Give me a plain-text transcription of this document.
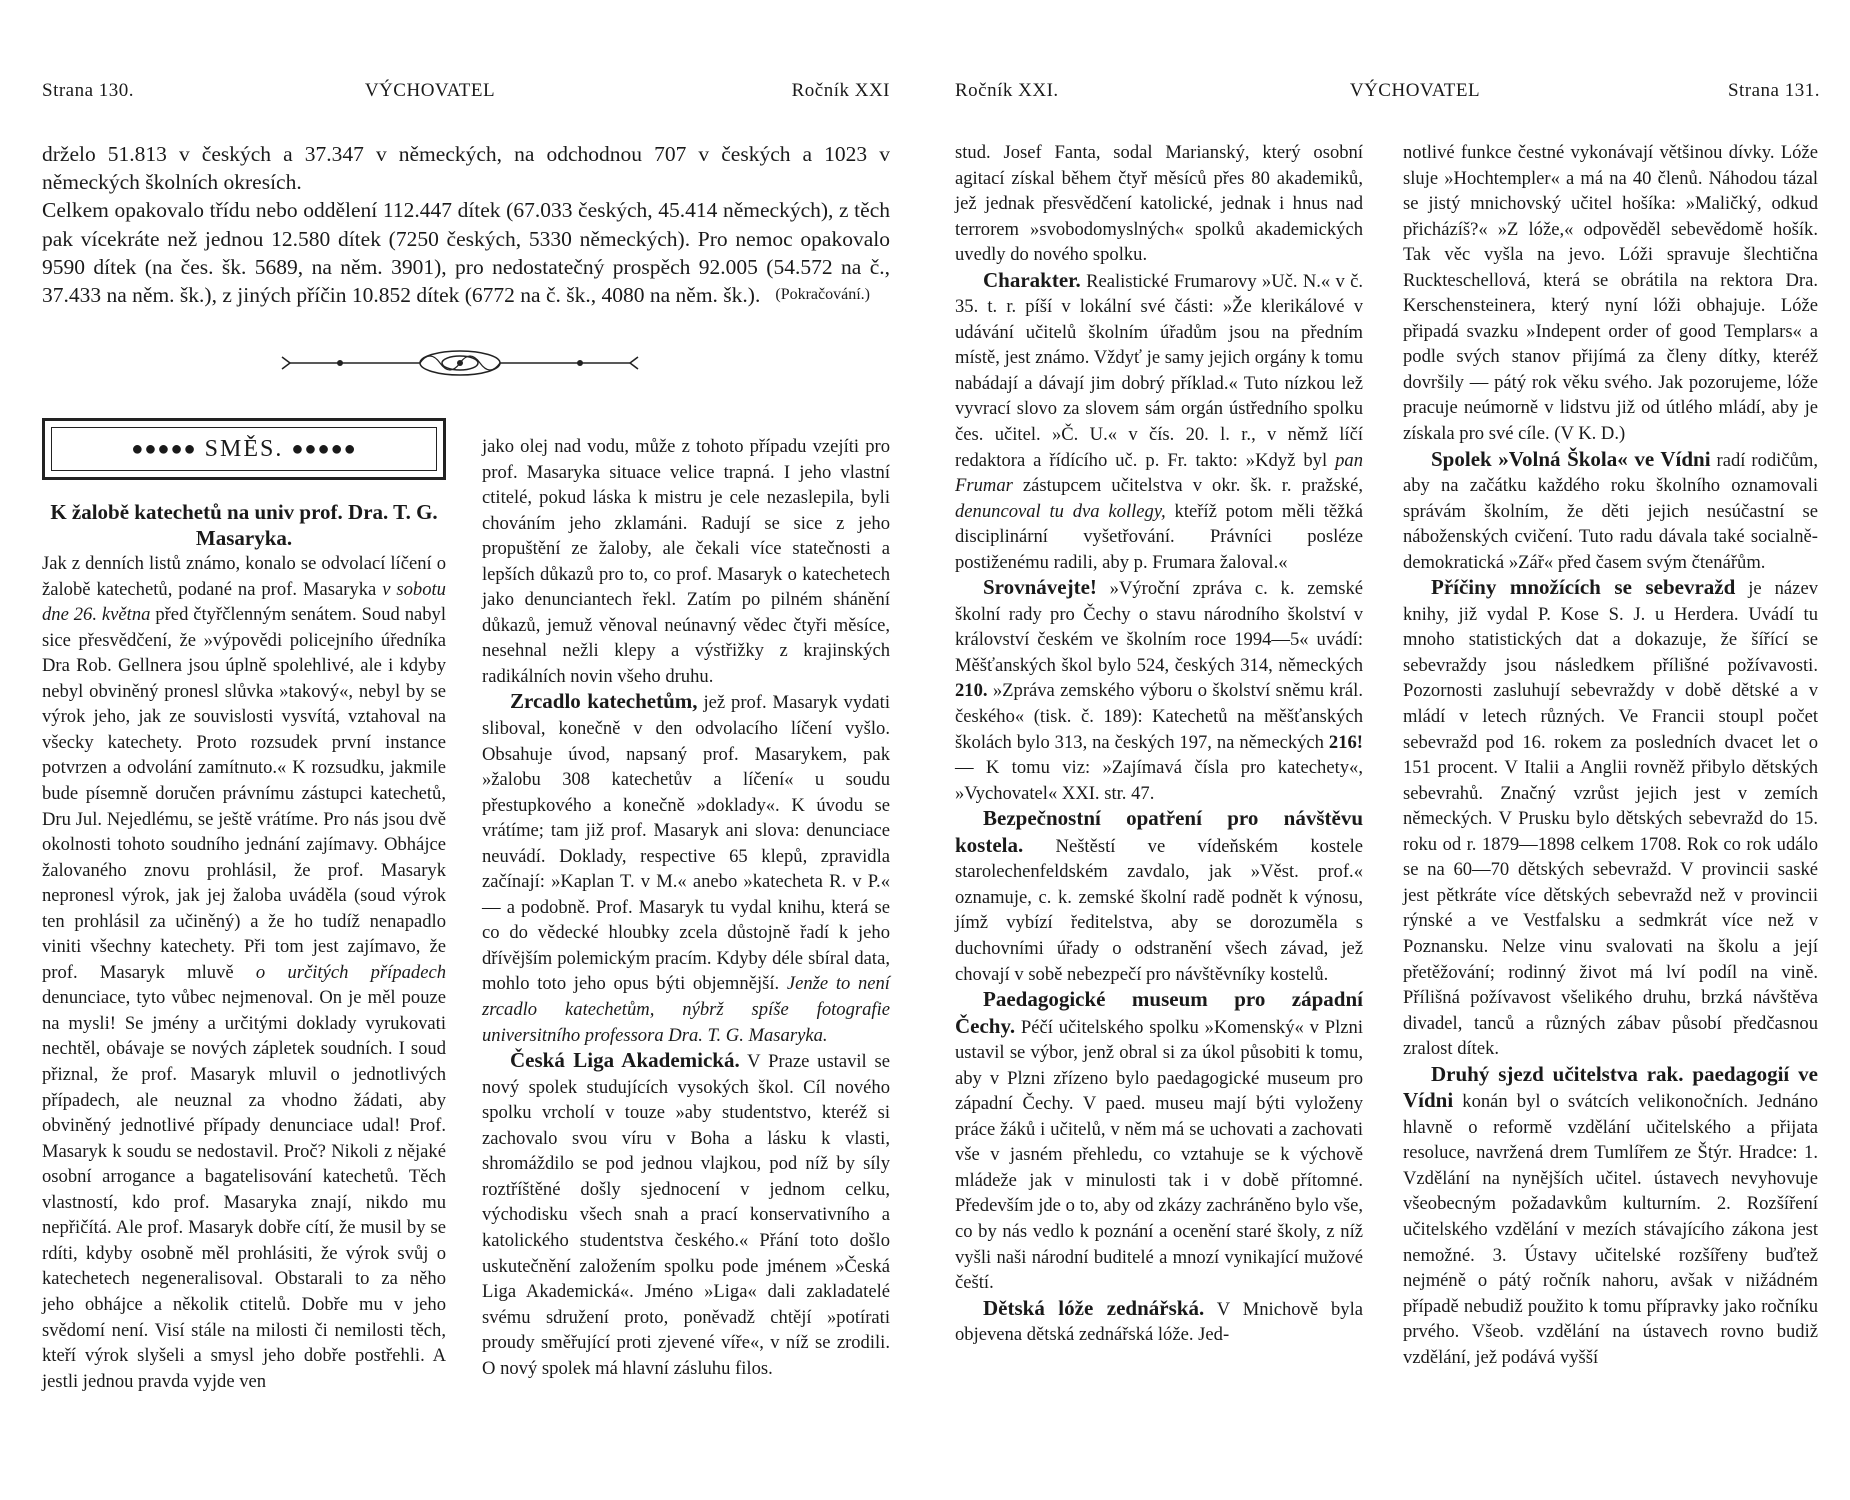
Strana 130.	VÝCHOVATEL	Ročník XXI

drželo 51.813 v českých a 37.347 v německých, na odchodnou 707 v českých a 1023 v německých školních okresích.

Celkem opakovalo třídu nebo oddělení 112.447 dítek (67.033 českých, 45.414 německých), z těch pak vícekráte než jednou 12.580 dítek (7250 českých, 5330 německých). Pro nemoc opakovalo 9590 dítek (na čes. šk. 5689, na něm. 3901), pro nedostatečný prospěch 92.005 (54.572 na č., 37.433 na něm. šk.), z jiných příčin 10.852 dítek (6772 na č. šk., 4080 na něm. šk.). (Pokračování.)

●●●●●
SMĚS.
●●●●●

K žalobě katechetů na univ prof. Dra. T. G. Masaryka.
Jak z denních listů známo, konalo se odvolací líčení o žalobě katechetů, podané na prof. Masaryka v sobotu dne 26. května před čtyřčlenným senátem. Soud nabyl sice přesvědčení, že »výpovědi policejního úředníka Dra Rob. Gellnera jsou úplně spolehlivé, ale i kdyby nebyl obviněný pronesl slůvka »takový«, nebyl by se výrok jeho, jak ze souvislosti vysvítá, vztahoval na všecky katechety. Proto rozsudek první instance potvrzen a odvolání zamítnuto.« K rozsudku, jakmile bude písemně doručen právnímu zástupci katechetů, Dru Jul. Nejedlému, se ještě vrátíme. Pro nás jsou dvě okolnosti tohoto soudního jednání zajímavy. Obhájce žalovaného znovu prohlásil, že prof. Masaryk nepronesl výrok, jak jej žaloba uváděla (soud výrok ten prohlásil za učiněný) a že ho tudíž nenapadlo viniti všechny katechety. Při tom jest zajímavo, že prof. Masaryk mluvě o určitých případech denunciace, tyto vůbec nejmenoval. On je měl pouze na mysli! Se jmény a určitými doklady vyrukovati nechtěl, obávaje se nových zápletek soudních. I soud přiznal, že prof. Masaryk mluvil o jednotlivých případech, ale neuznal za vhodno žádati, aby obviněný jednotlivé případy denunciace udal! Prof. Masaryk k soudu se nedostavil. Proč? Nikoli z nějaké osobní arrogance a bagatelisování katechetů. Těch vlastností, kdo prof. Masaryka znají, nikdo mu nepřičítá. Ale prof. Masaryk dobře cítí, že musil by se rdíti, kdyby osobně měl prohlásiti, že výrok svůj o katechetech negeneralisoval. Obstarali to za něho jeho obhájce a několik ctitelů. Dobře mu v jeho svědomí není. Visí stále na milosti či nemilosti těch, kteří výrok slyšeli a smysl jeho dobře postřehli. A jestli jednou pravda vyjde ven

jako olej nad vodu, může z tohoto případu vzejíti pro prof. Masaryka situace velice trapná. I jeho vlastní ctitelé, pokud láska k mistru je cele nezaslepila, byli chováním jeho zklamáni. Radují se sice z jeho propuštění ze žaloby, ale čekali více statečnosti a lepších důkazů pro to, co prof. Masaryk o katechetech jako denunciantech řekl. Zatím po pilném shánění důkazů, jemuž věnoval neúnavný vědec čtyři měsíce, nesehnal nežli klepy a výstřižky z krajinských radikálních novin všeho druhu.

Zrcadlo katechetům, jež prof. Masaryk vydati sliboval, konečně v den odvolacího líčení vyšlo. Obsahuje úvod, napsaný prof. Masarykem, pak »žalobu 308 katechetův a líčení« u soudu přestupkového a konečně »doklady«. K úvodu se vrátíme; tam již prof. Masaryk ani slova: denunciace neuvádí. Doklady, respective 65 klepů, zpravidla začínají: »Kaplan T. v M.« anebo »katecheta R. v P.« — a podobně. Prof. Masaryk tu vydal knihu, která se co do vědecké hloubky zcela důstojně řadí k jeho dřívějším polemickým pracím. Kdyby déle sbíral data, mohlo toto jeho opus býti objemnější. Jenže to není zrcadlo katechetům, nýbrž spíše fotografie universitního professora Dra. T. G. Masaryka.

Česká Liga Akademická. V Praze ustavil se nový spolek studujících vysokých škol. Cíl nového spolku vrcholí v touze »aby studentstvo, kteréž si zachovalo svou víru v Boha a lásku k vlasti, shromáždilo se pod jednou vlajkou, pod níž by síly roztříštěné došly sjednocení v jednom celku, východisku všech snah a prací konservativního a katolického studentstva českého.« Přání toto došlo uskutečnění založením spolku pode jménem »Česká Liga Akademická«. Jméno »Liga« dali zakladatelé svému sdružení proto, poněvadž chtějí »potírati proudy směřující proti zjevené víře«, v níž se zrodili. O nový spolek má hlavní zásluhu filos.

Ročník XXI.	VÝCHOVATEL	Strana 131.

stud. Josef Fanta, sodal Marianský, který osobní agitací získal během čtyř měsíců přes 80 akademiků, jež jednak přesvědčení katolické, jednak i hnus nad terrorem »svobodomyslných« spolků akademických uvedly do nového spolku.

Charakter. Realistické Frumarovy »Uč. N.« v č. 35. t. r. píší v lokální své části: »Že klerikálové v udávání učitelů školním úřadům jsou na předním místě, jest známo. Vždyť je samy jejich orgány k tomu nabádají a dávají jim dobrý příklad.« Tuto nízkou lež vyvrací slovo za slovem sám orgán ústředního spolku čes. učitel. »Č. U.« v čís. 20. l. r., v němž líčí redaktora a řídícího uč. p. Fr. takto: »Když byl pan Frumar zástupcem učitelstva v okr. šk. r. pražské, denuncoval tu dva kollegy, kteříž potom měli těžká disciplinární vyšetřování. Právníci posléze postiženému radili, aby p. Frumara žaloval.«

Srovnávejte! »Výroční zpráva c. k. zemské školní rady pro Čechy o stavu národního školství v království českém ve školním roce 1994—5« uvádí: Měšťanských škol bylo 524, českých 314, německých 210. »Zpráva zemského výboru o školství sněmu král. českého« (tisk. č. 189): Katechetů na měšťanských školách bylo 313, na českých 197, na německých 216! — K tomu viz: »Zajímavá čísla pro katechety«, »Vychovatel« XXI. str. 47.

Bezpečnostní opatření pro návštěvu kostela. Neštěstí ve vídeňském kostele starolechenfeldském zavdalo, jak »Věst. prof.« oznamuje, c. k. zemské školní radě podnět k výnosu, jímž vybízí ředitelstva, aby se dorozuměla s duchovními úřady o odstranění všech závad, jež chovají v sobě nebezpečí pro návštěvníky kostelů.

Paedagogické museum pro západní Čechy. Péčí učitelského spolku »Komenský« v Plzni ustavil se výbor, jenž obral si za úkol působiti k tomu, aby v Plzni zřízeno bylo paedagogické museum pro západní Čechy. V paed. museu mají býti vyloženy práce žáků i učitelů, v něm má se uchovati a zachovati vše v jasném přehledu, co vztahuje se k výchově mládeže jak v minulosti tak i v době přítomné. Především jde o to, aby od zkázy zachráněno bylo vše, co by nás vedlo k poznání a ocenění staré školy, z níž vyšli naši národní buditelé a mnozí vynikající mužové čeští.

Dětská lóže zednářská. V Mnichově byla objevena dětská zednářská lóže. Jed-

notlivé funkce čestné vykonávají většinou dívky. Lóže sluje »Hochtempler« a má na 40 členů. Náhodou tázal se jistý mnichovský učitel hošíka: »Maličký, odkud přicházíš?« »Z lóže,« odpověděl sebevědomě hošík. Tak věc vyšla na jevo. Lóži spravuje šlechtična Ruckteschellová, která se obrátila na rektora Dra. Kerschensteinera, který nyní lóži obhajuje. Lóže připadá svazku »Indepent order of good Templars« a podle svých stanov přijímá za členy dítky, kteréž dovršily — pátý rok věku svého. Jak pozorujeme, lóže pracuje neúmorně v lidstvu již od útlého mládí, aby je získala pro své cíle. (V K. D.)

Spolek »Volná Škola« ve Vídni radí rodičům, aby na začátku každého roku školního oznamovali správám školním, že děti jejich nesúčastní se náboženských cvičení. Tuto radu dávala také socialně-demokratická »Zář« před časem svým čtenářům.

Příčiny množících se sebevražd je název knihy, již vydal P. Kose S. J. u Herdera. Uvádí tu mnoho statistických dat a dokazuje, že šířící se sebevraždy jsou následkem přílišné požívavosti. Pozornosti zasluhují sebevraždy v době dětské a v mládí v letech různých. Ve Francii stoupl počet sebevražd pod 16. rokem za posledních dvacet let o 151 procent. V Italii a Anglii rovněž přibylo dětských sebevrahů. Značný vzrůst jejich jest v zemích německých. V Prusku bylo dětských sebevražd do 15. roku od r. 1879—1898 celkem 1708. Rok co rok událo se na 60—70 dětských sebevražd. V provincii saské jest pětkráte více dětských sebevražd než v provincii rýnské a ve Vestfalsku a sedmkrát více než v Poznansku. Nelze vinu svalovati na školu a její přetěžování; rodinný život má lví podíl na vině. Přílišná požívavost všelikého druhu, brzká návštěva divadel, tanců a různých zábav působí předčasnou zralost dítek.

Druhý sjezd učitelstva rak. paedagogií ve Vídni konán byl o svátcích velikonočních. Jednáno hlavně o reformě vzdělání učitelského a přijata resoluce, navržená drem Tumlířem ze Štýr. Hradce: 1. Vzdělání na nynějších učitel. ústavech nevyhovuje všeobecným požadavkům kulturním. 2. Rozšíření učitelského vzdělání v mezích stávajícího zákona jest nemožné. 3. Ústavy učitelské rozšířeny buďtež nejméně o pátý ročník nahoru, avšak v nižádném případě nebudiž použito k tomu přípravky jako ročníku prvého. Všeob. vzdělání na ústavech rovno budiž vzdělání, jež podává vyšší
